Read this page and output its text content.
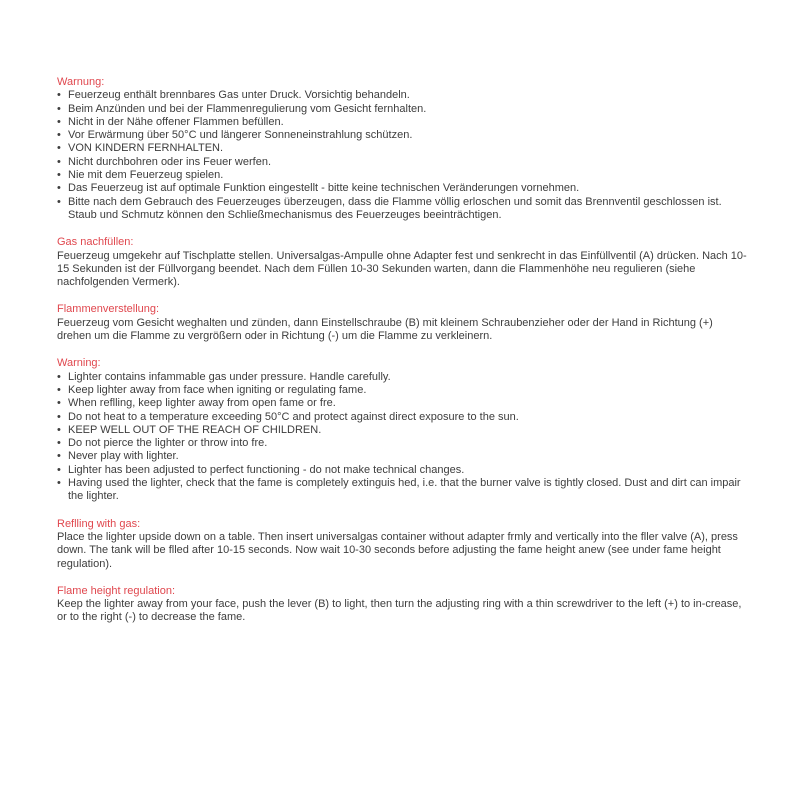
Warnung:
• Feuerzeug enthält brennbares Gas unter Druck. Vorsichtig behandeln.
• Beim Anzünden und bei der Flammenregulierung vom Gesicht fernhalten.
• Nicht in der Nähe offener Flammen befüllen.
• Vor Erwärmung über 50°C und längerer Sonneneinstrahlung schützen.
• VON KINDERN FERNHALTEN.
• Nicht durchbohren oder ins Feuer werfen.
• Nie mit dem Feuerzeug spielen.
• Das Feuerzeug ist auf optimale Funktion eingestellt - bitte keine technischen Veränderungen vornehmen.
• Bitte nach dem Gebrauch des Feuerzeuges überzeugen, dass die Flamme völlig erloschen und somit das Brennventil geschlossen ist. Staub und Schmutz können den Schließmechanismus des Feuerzeuges beeinträchtigen.
Gas nachfüllen:
Feuerzeug umgekehr auf Tischplatte stellen. Universalgas-Ampulle ohne Adapter fest und senkrecht in das Einfüllventil (A) drücken. Nach 10-15 Sekunden ist der Füllvorgang beendet. Nach dem Füllen 10-30 Sekunden warten, dann die Flammenhöhe neu regulieren (siehe nachfolgenden Vermerk).
Flammenverstellung:
Feuerzeug vom Gesicht weghalten und zünden, dann Einstellschraube (B) mit kleinem Schraubenzieher oder der Hand in Richtung (+) drehen um die Flamme zu vergrößern oder in Richtung (-) um die Flamme zu verkleinern.
Warning:
• Lighter contains infammable gas under pressure. Handle carefully.
• Keep lighter away from face when igniting or regulating fame.
• When reflling, keep lighter away from open fame or fre.
• Do not heat to a temperature exceeding 50°C and protect against direct exposure to the sun.
• KEEP WELL OUT OF THE REACH OF CHILDREN.
• Do not pierce the lighter or throw into fre.
• Never play with lighter.
• Lighter has been adjusted to perfect functioning - do not make technical changes.
• Having used the lighter, check that the fame is completely extinguis hed, i.e. that the burner valve is tightly closed. Dust and dirt can impair the lighter.
Reflling with gas:
Place the lighter upside down on a table. Then insert universalgas container without adapter frmly and vertically into the fller valve (A), press down. The tank will be flled after 10-15 seconds. Now wait 10-30 seconds before adjusting the fame height anew (see under fame height regulation).
Flame height regulation:
Keep the lighter away from your face, push the lever (B) to light, then turn the adjusting ring with a thin screwdriver to the left (+) to in-crease, or to the right (-) to decrease the fame.
